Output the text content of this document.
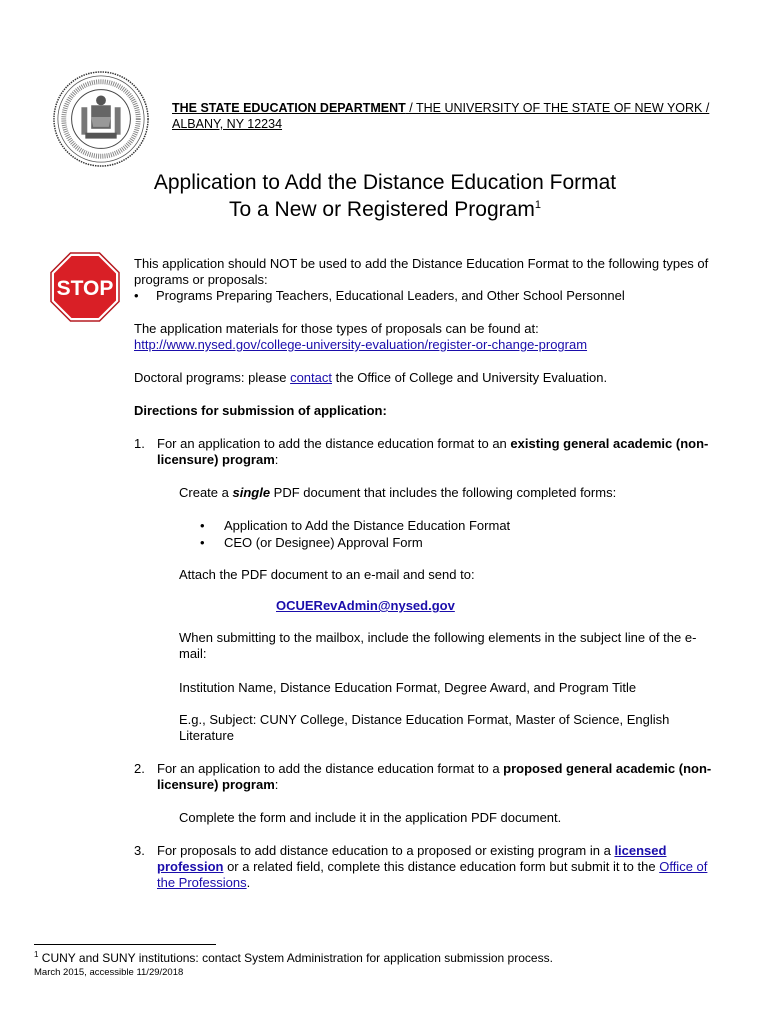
THE STATE EDUCATION DEPARTMENT / THE UNIVERSITY OF THE STATE OF NEW YORK / ALBANY, NY 12234
Application to Add the Distance Education Format
To a New or Registered Program$^1$
STOP
This application should NOT be used to add the Distance Education Format to the following types of programs or proposals:
• Programs Preparing Teachers, Educational Leaders, and Other School Personnel
The application materials for those types of proposals can be found at:
http://www.nysed.gov/college-university-evaluation/register-or-change-program
Doctoral programs: please contact the Office of College and University Evaluation.
Directions for submission of application:
1. For an application to add the distance education format to an existing general academic (non-licensure) program:
Create a single PDF document that includes the following completed forms:
• Application to Add the Distance Education Format
• CEO (or Designee) Approval Form
Attach the PDF document to an e-mail and send to:
OCUERevAdmin@nysed.gov
When submitting to the mailbox, include the following elements in the subject line of the e-mail:
Institution Name, Distance Education Format, Degree Award, and Program Title
E.g., Subject: CUNY College, Distance Education Format, Master of Science, English Literature
2. For an application to add the distance education format to a proposed general academic (non-licensure) program:
Complete the form and include it in the application PDF document.
3. For proposals to add distance education to a proposed or existing program in a licensed profession or a related field, complete this distance education form but submit it to the Office of the Professions.
$^1$ CUNY and SUNY institutions: contact System Administration for application submission process.
March 2015, accessible 11/29/2018
